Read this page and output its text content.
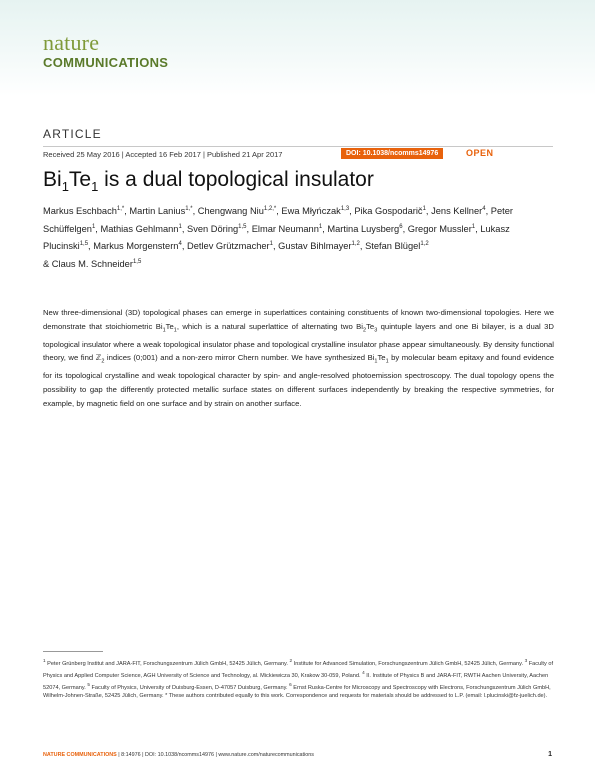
nature
COMMUNICATIONS
ARTICLE
Received 25 May 2016 | Accepted 16 Feb 2017 | Published 21 Apr 2017	DOI: 10.1038/ncomms14976	OPEN
$Bi_1Te_1$ is a dual topological insulator
Markus Eschbach$^{1,*}$, Martin Lanius$^{1,*}$, Chengwang Niu$^{1,2,*}$, Ewa Młyńczak$^{1,3}$, Pika Gospodarič$^1$, Jens Kellner$^4$, Peter Schüffelgen$^1$, Mathias Gehlmann$^1$, Sven Döring$^{1,5}$, Elmar Neumann$^1$, Martina Luysberg$^6$, Gregor Mussler$^1$, Lukasz Plucinski$^{1,5}$, Markus Morgenstern$^4$, Detlev Grützmacher$^1$, Gustav Bihlmayer$^{1,2}$, Stefan Blügel$^{1,2}$
& Claus M. Schneider$^{1,5}$

New three-dimensional (3D) topological phases can emerge in superlattices containing constituents of known two-dimensional topologies. Here we demonstrate that stoichiometric $Bi_1Te_1$, which is a natural superlattice of alternating two $Bi_2Te_3$ quintuple layers and one Bi bilayer, is a dual 3D topological insulator where a weak topological insulator phase and topological crystalline insulator phase appear simultaneously. By density functional theory, we find ℤ$_2$ indices (0;001) and a non-zero mirror Chern number. We have synthesized $Bi_1Te_1$ by molecular beam epitaxy and found evidence for its topological crystalline and weak topological character by spin- and angle-resolved photoemission spectroscopy. The dual topology opens the possibility to gap the differently protected metallic surface states on different surfaces independently by breaking the respective symmetries, for example, by magnetic field on one surface and by strain on another surface.

$^1$ Peter Grünberg Institut and JARA-FIT, Forschungszentrum Jülich GmbH, 52425 Jülich, Germany. $^2$ Institute for Advanced Simulation, Forschungszentrum Jülich GmbH, 52425 Jülich, Germany. $^3$ Faculty of Physics and Applied Computer Science, AGH University of Science and Technology, al. Mickiewicza 30, Krakow 30-059, Poland. $^4$ II. Institute of Physics B and JARA-FIT, RWTH Aachen University, Aachen 52074, Germany. $^5$ Faculty of Physics, University of Duisburg-Essen, D-47057 Duisburg, Germany. $^6$ Ernst Ruska-Centre for Microscopy and Spectroscopy with Electrons, Forschungszentrum Jülich GmbH, Wilhelm-Johnen-Straße, 52425 Jülich, Germany. * These authors contributed equally to this work. Correspondence and requests for materials should be addressed to L.P. (email: l.plucinski@fz-juelich.de).
NATURE COMMUNICATIONS | 8:14976 | DOI: 10.1038/ncomms14976 | www.nature.com/naturecommunications	1
